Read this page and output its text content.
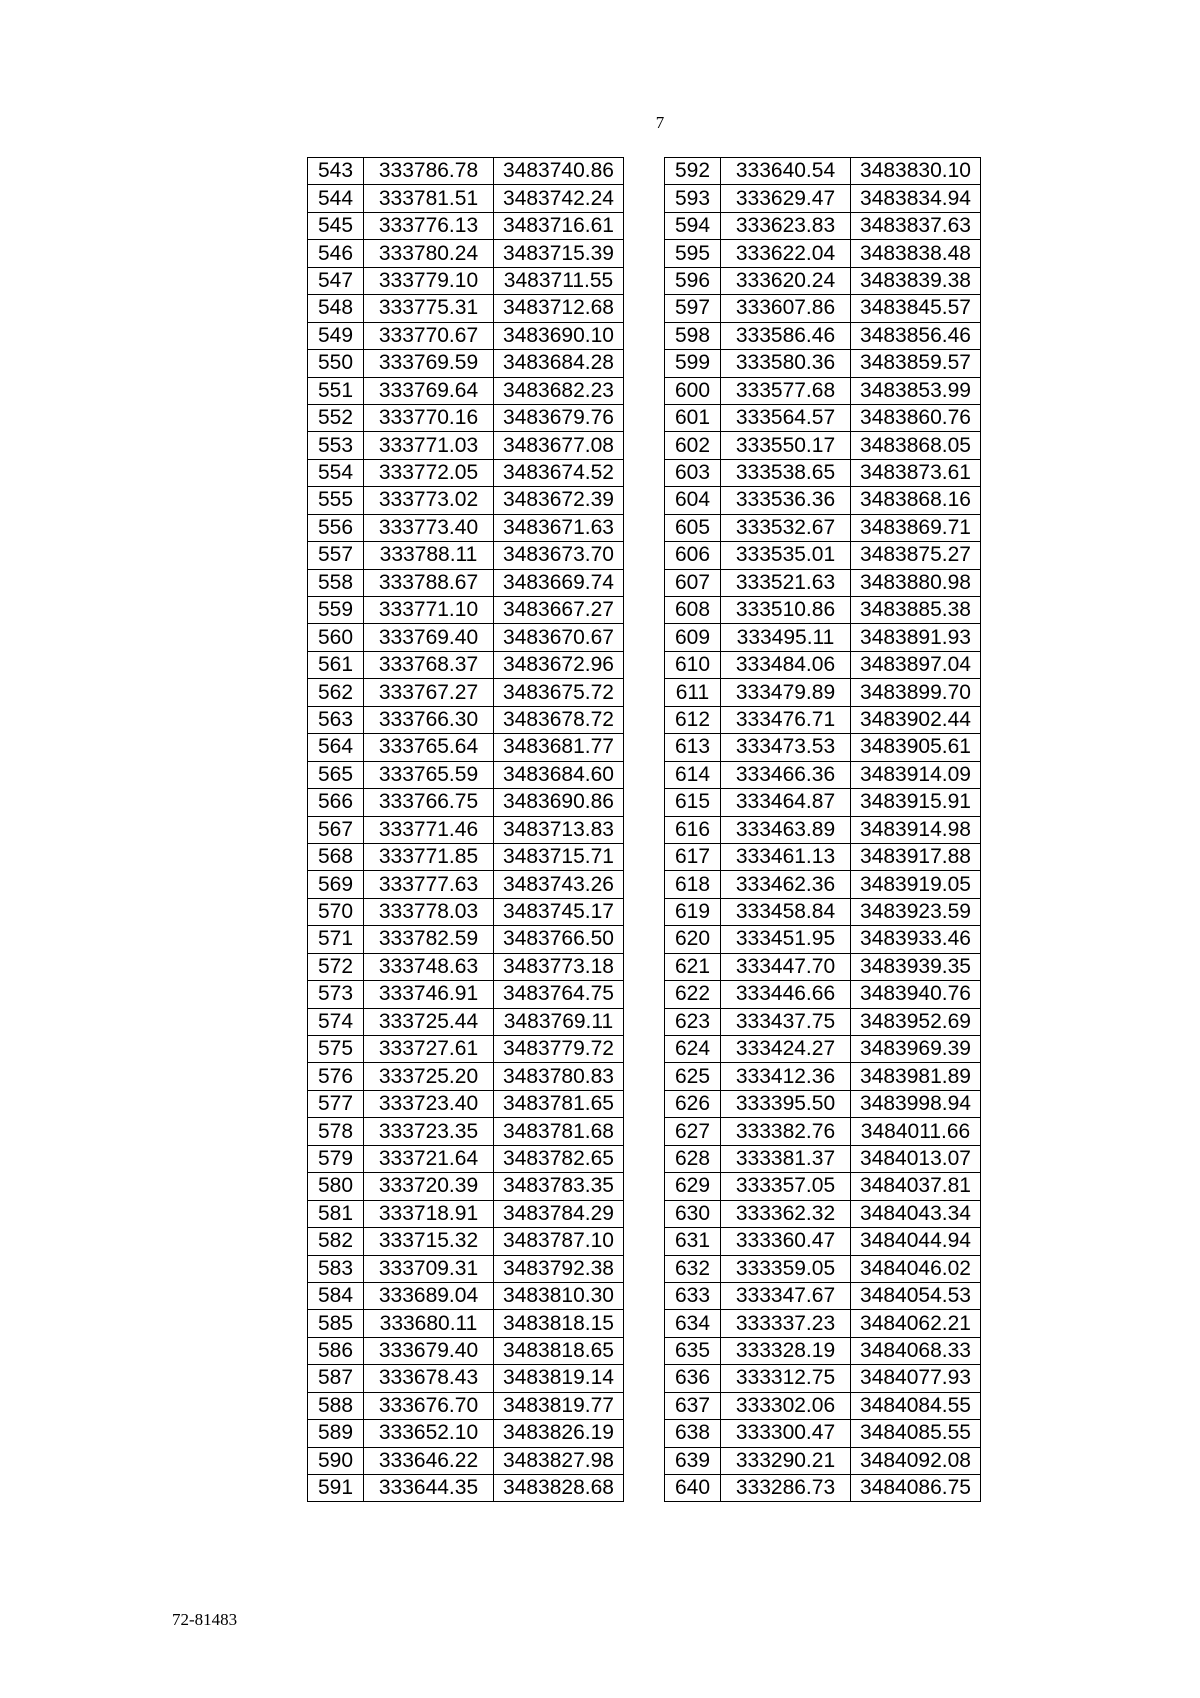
7
543	333786.78	3483740.86
544	333781.51	3483742.24
545	333776.13	3483716.61
546	333780.24	3483715.39
547	333779.10	3483711.55
548	333775.31	3483712.68
549	333770.67	3483690.10
550	333769.59	3483684.28
551	333769.64	3483682.23
552	333770.16	3483679.76
553	333771.03	3483677.08
554	333772.05	3483674.52
555	333773.02	3483672.39
556	333773.40	3483671.63
557	333788.11	3483673.70
558	333788.67	3483669.74
559	333771.10	3483667.27
560	333769.40	3483670.67
561	333768.37	3483672.96
562	333767.27	3483675.72
563	333766.30	3483678.72
564	333765.64	3483681.77
565	333765.59	3483684.60
566	333766.75	3483690.86
567	333771.46	3483713.83
568	333771.85	3483715.71
569	333777.63	3483743.26
570	333778.03	3483745.17
571	333782.59	3483766.50
572	333748.63	3483773.18
573	333746.91	3483764.75
574	333725.44	3483769.11
575	333727.61	3483779.72
576	333725.20	3483780.83
577	333723.40	3483781.65
578	333723.35	3483781.68
579	333721.64	3483782.65
580	333720.39	3483783.35
581	333718.91	3483784.29
582	333715.32	3483787.10
583	333709.31	3483792.38
584	333689.04	3483810.30
585	333680.11	3483818.15
586	333679.40	3483818.65
587	333678.43	3483819.14
588	333676.70	3483819.77
589	333652.10	3483826.19
590	333646.22	3483827.98
591	333644.35	3483828.68
592	333640.54	3483830.10
593	333629.47	3483834.94
594	333623.83	3483837.63
595	333622.04	3483838.48
596	333620.24	3483839.38
597	333607.86	3483845.57
598	333586.46	3483856.46
599	333580.36	3483859.57
600	333577.68	3483853.99
601	333564.57	3483860.76
602	333550.17	3483868.05
603	333538.65	3483873.61
604	333536.36	3483868.16
605	333532.67	3483869.71
606	333535.01	3483875.27
607	333521.63	3483880.98
608	333510.86	3483885.38
609	333495.11	3483891.93
610	333484.06	3483897.04
611	333479.89	3483899.70
612	333476.71	3483902.44
613	333473.53	3483905.61
614	333466.36	3483914.09
615	333464.87	3483915.91
616	333463.89	3483914.98
617	333461.13	3483917.88
618	333462.36	3483919.05
619	333458.84	3483923.59
620	333451.95	3483933.46
621	333447.70	3483939.35
622	333446.66	3483940.76
623	333437.75	3483952.69
624	333424.27	3483969.39
625	333412.36	3483981.89
626	333395.50	3483998.94
627	333382.76	3484011.66
628	333381.37	3484013.07
629	333357.05	3484037.81
630	333362.32	3484043.34
631	333360.47	3484044.94
632	333359.05	3484046.02
633	333347.67	3484054.53
634	333337.23	3484062.21
635	333328.19	3484068.33
636	333312.75	3484077.93
637	333302.06	3484084.55
638	333300.47	3484085.55
639	333290.21	3484092.08
640	333286.73	3484086.75
72-81483
